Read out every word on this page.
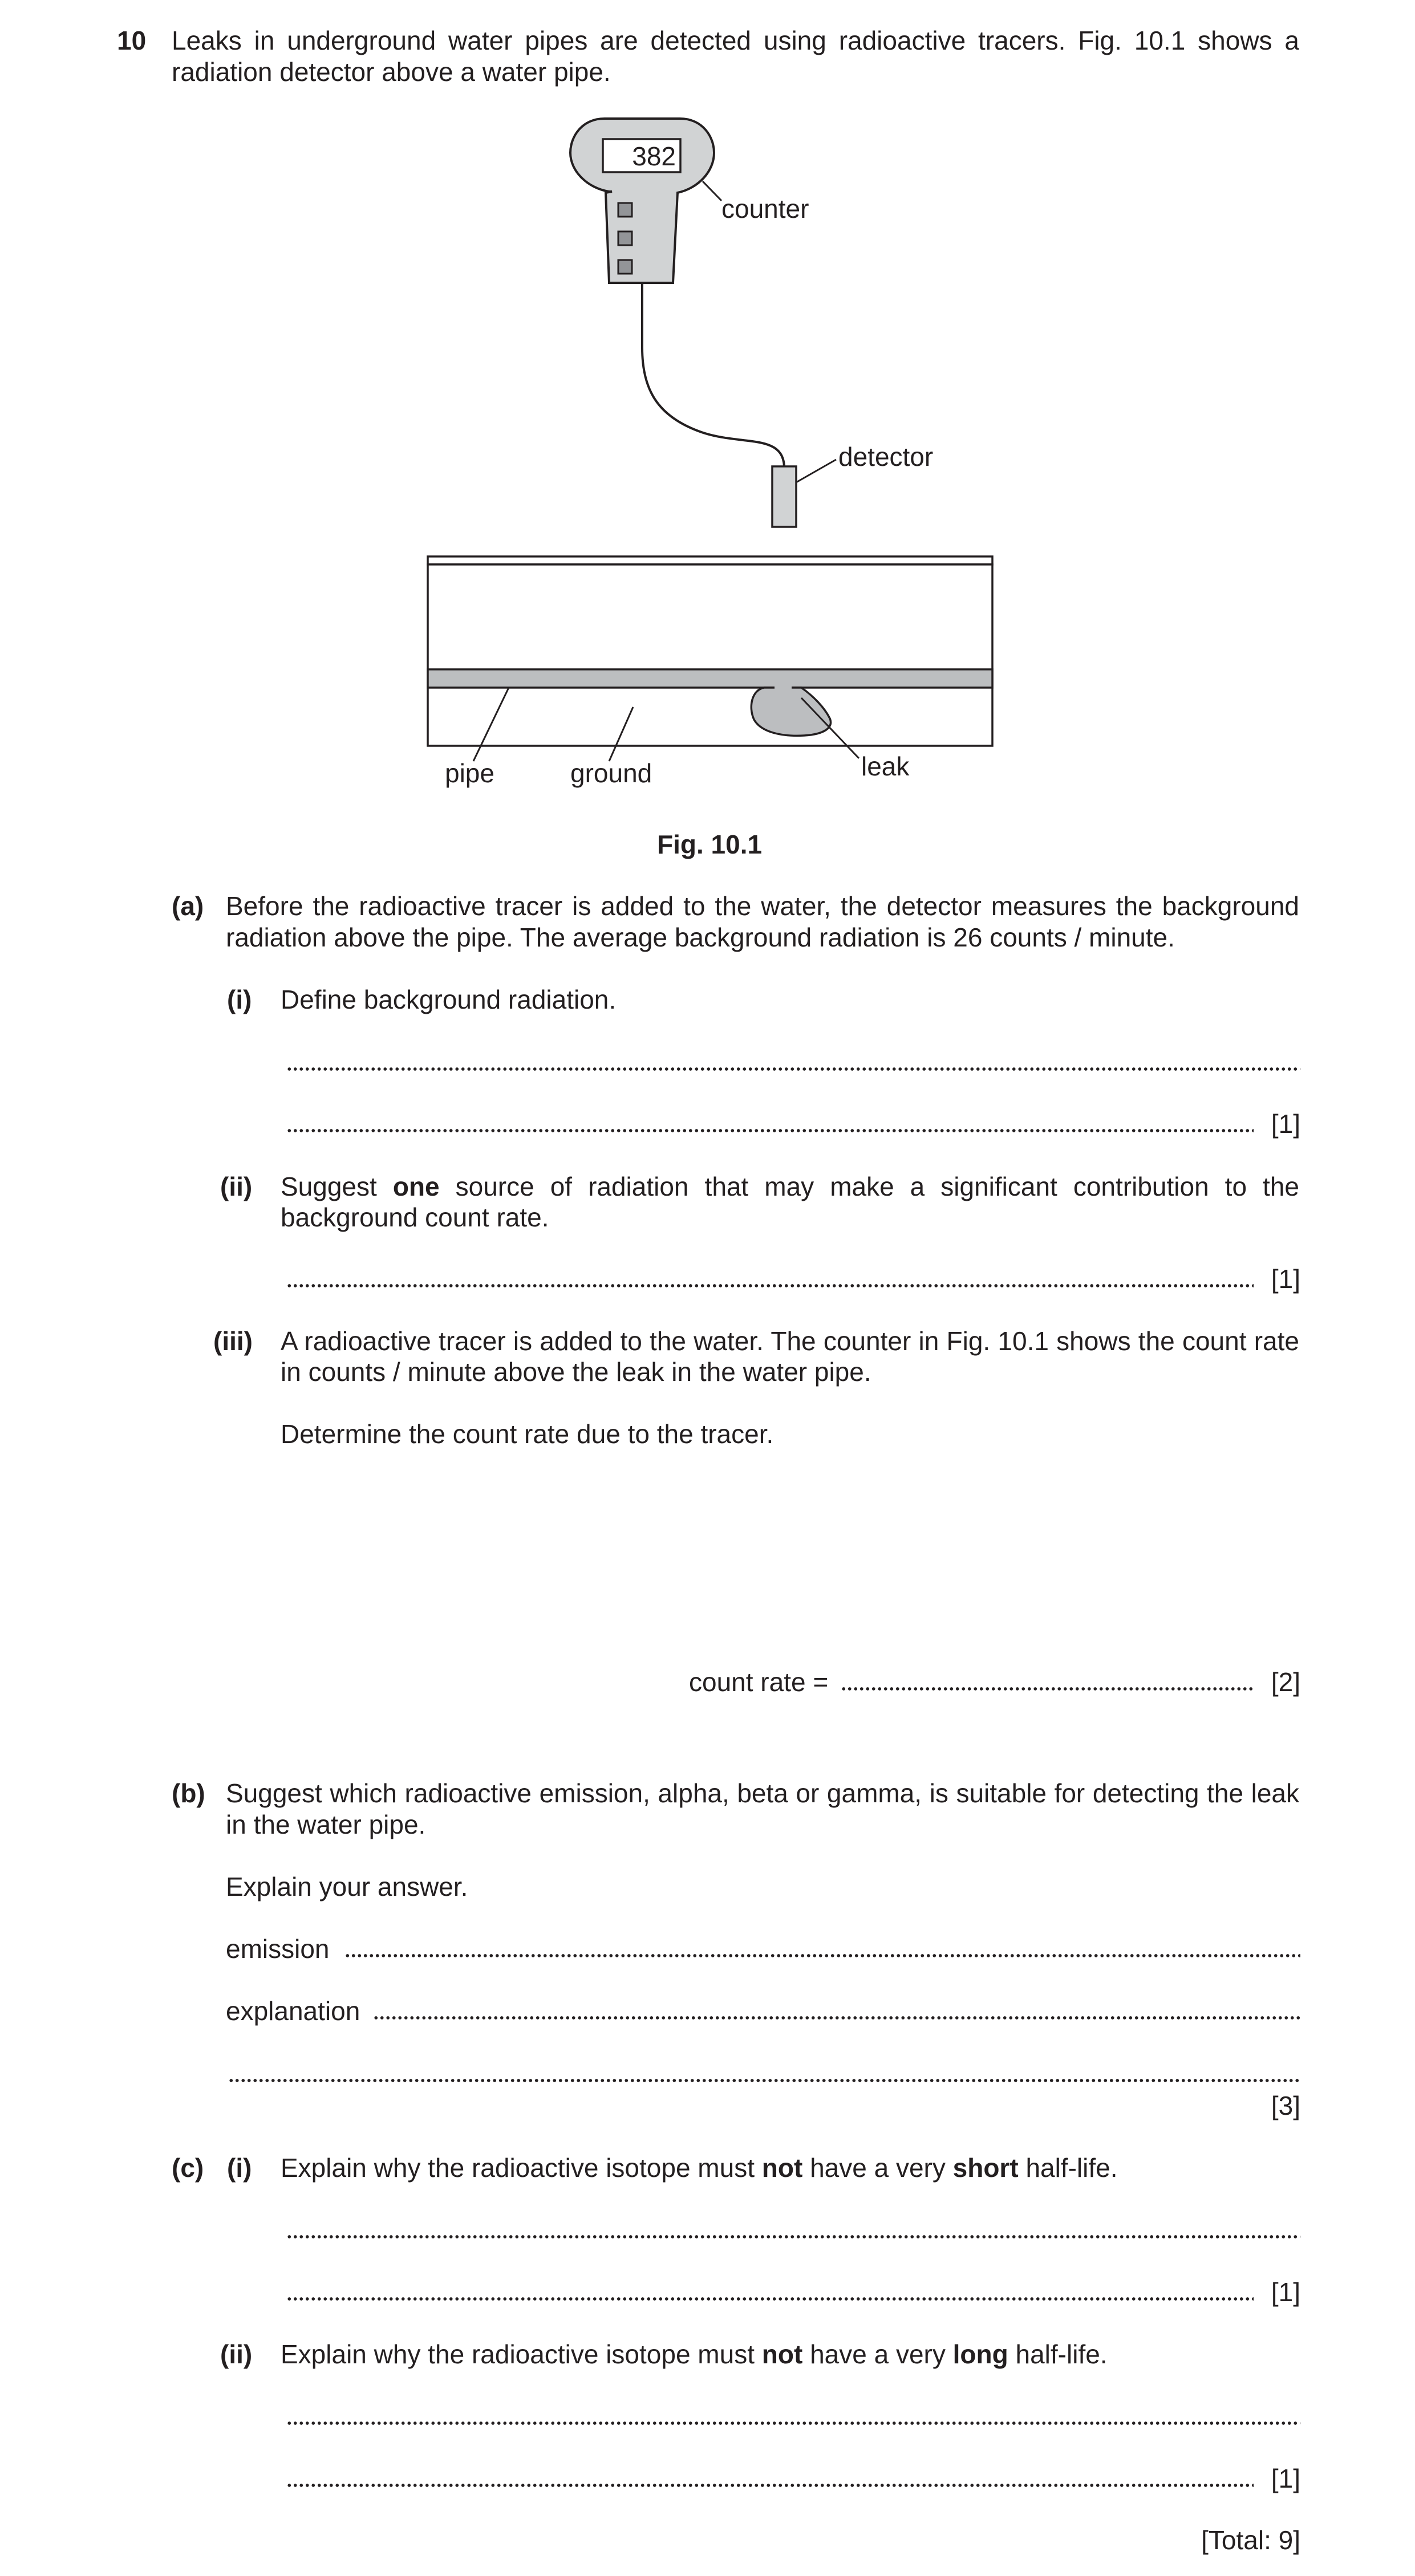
10 Leaks in underground water pipes are detected using radioactive tracers. Fig. 10.1 shows a
radiation detector above a water pipe.
382
counter
detector
pipe	ground	leak
Fig. 10.1
(a) Before the radioactive tracer is added to the water, the detector measures the background
radiation above the pipe. The average background radiation is 26 counts / minute.
(i) Define background radiation.
[1]
(ii) Suggest one source of radiation that may make a significant contribution to the
background count rate.
[1]
(iii) A radioactive tracer is added to the water. The counter in Fig. 10.1 shows the count rate
in counts / minute above the leak in the water pipe.
Determine the count rate due to the tracer.
count rate =	[2]
(b) Suggest which radioactive emission, alpha, beta or gamma, is suitable for detecting the leak
in the water pipe.
Explain your answer.
emission
explanation
[3]
(c) (i) Explain why the radioactive isotope must not have a very short half-life.
[1]
(ii) Explain why the radioactive isotope must not have a very long half-life.
[1]
[Total: 9]
